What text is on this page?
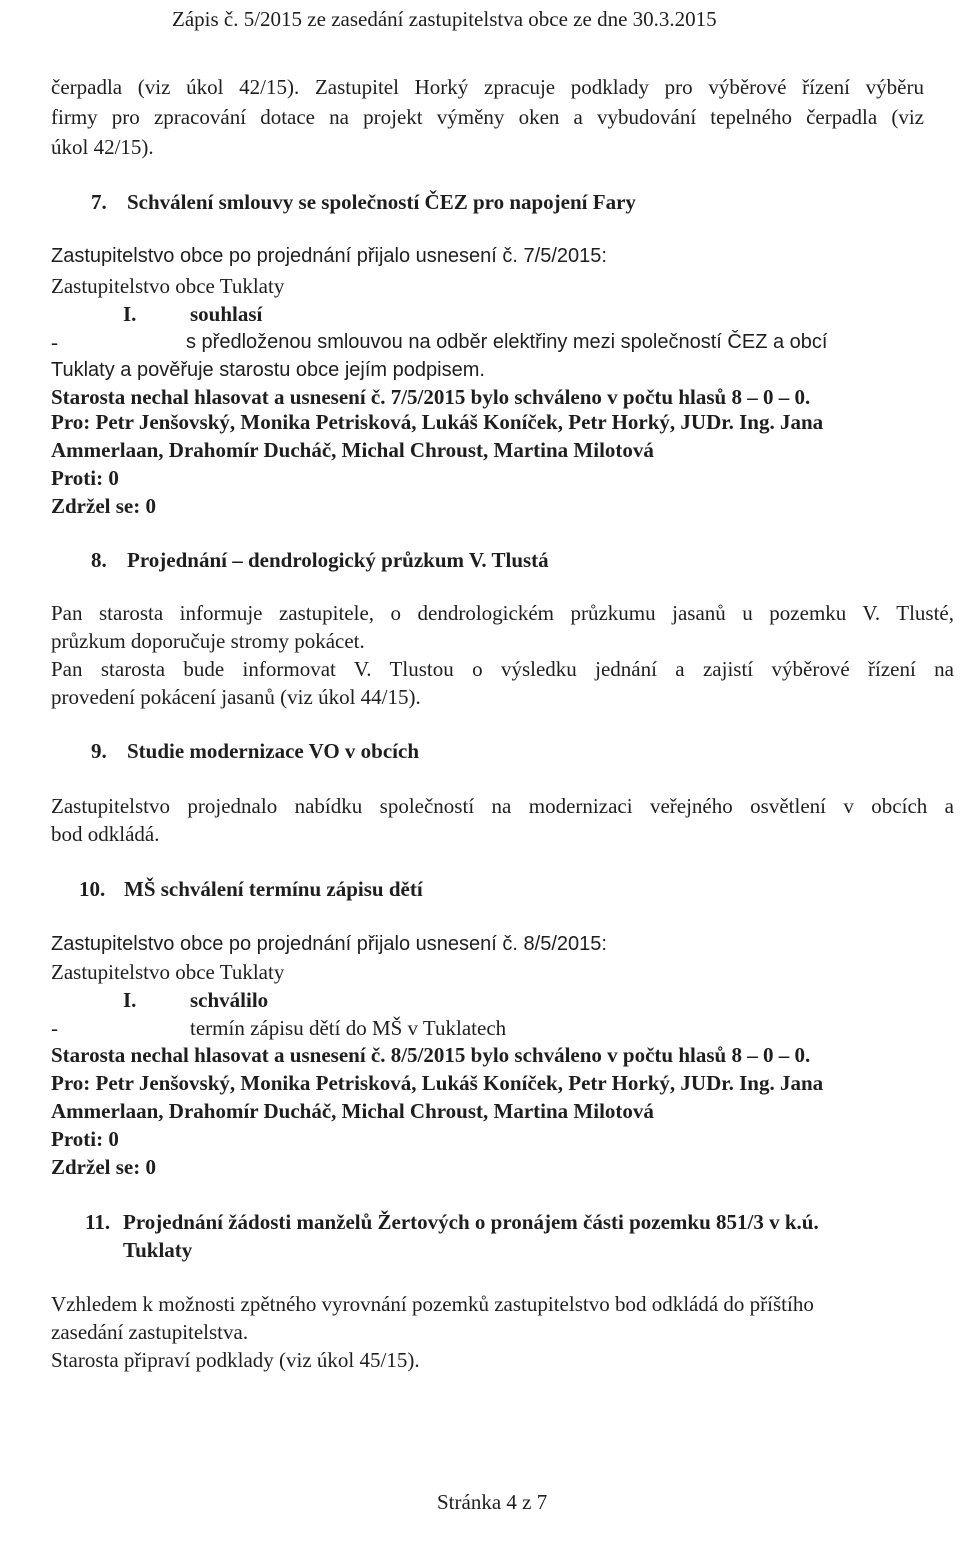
Zápis č. 5/2015 ze zasedání zastupitelstva obce ze dne 30.3.2015
čerpadla (viz úkol 42/15). Zastupitel Horký zpracuje podklady pro výběrové řízení výběru
firmy pro zpracování dotace na projekt výměny oken a vybudování tepelného čerpadla (viz
úkol 42/15).
7. Schválení smlouvy se společností ČEZ pro napojení Fary
Zastupitelstvo obce po projednání přijalo usnesení č. 7/5/2015:
Zastupitelstvo obce Tuklaty
I.	souhlasí
-	s předloženou smlouvou na odběr elektřiny mezi společností ČEZ a obcí
Tuklaty a pověřuje starostu obce jejím podpisem.
Starosta nechal hlasovat a usnesení č. 7/5/2015 bylo schváleno v počtu hlasů 8 – 0 – 0.
Pro: Petr Jenšovský, Monika Petrisková, Lukáš Koníček, Petr Horký, JUDr. Ing. Jana
Ammerlaan, Drahomír Ducháč, Michal Chroust, Martina Milotová
Proti: 0
Zdržel se: 0
8. Projednání – dendrologický průzkum V. Tlustá
Pan starosta informuje zastupitele, o dendrologickém průzkumu jasanů u pozemku V. Tlusté,
průzkum doporučuje stromy pokácet.
Pan starosta bude informovat V. Tlustou o výsledku jednání a zajistí výběrové řízení na
provedení pokácení jasanů (viz úkol 44/15).
9. Studie modernizace VO v obcích
Zastupitelstvo projednalo nabídku společností na modernizaci veřejného osvětlení v obcích a
bod odkládá.
10. MŠ schválení termínu zápisu dětí
Zastupitelstvo obce po projednání přijalo usnesení č. 8/5/2015:
Zastupitelstvo obce Tuklaty
I.	schválilo
-	termín zápisu dětí do MŠ v Tuklatech
Starosta nechal hlasovat a usnesení č. 8/5/2015 bylo schváleno v počtu hlasů 8 – 0 – 0.
Pro: Petr Jenšovský, Monika Petrisková, Lukáš Koníček, Petr Horký, JUDr. Ing. Jana
Ammerlaan, Drahomír Ducháč, Michal Chroust, Martina Milotová
Proti: 0
Zdržel se: 0
11. Projednání žádosti manželů Žertových o pronájem části pozemku 851/3 v k.ú.
Tuklaty
Vzhledem k možnosti zpětného vyrovnání pozemků zastupitelstvo bod odkládá do příštího
zasedání zastupitelstva.
Starosta připraví podklady (viz úkol 45/15).
Stránka 4 z 7
